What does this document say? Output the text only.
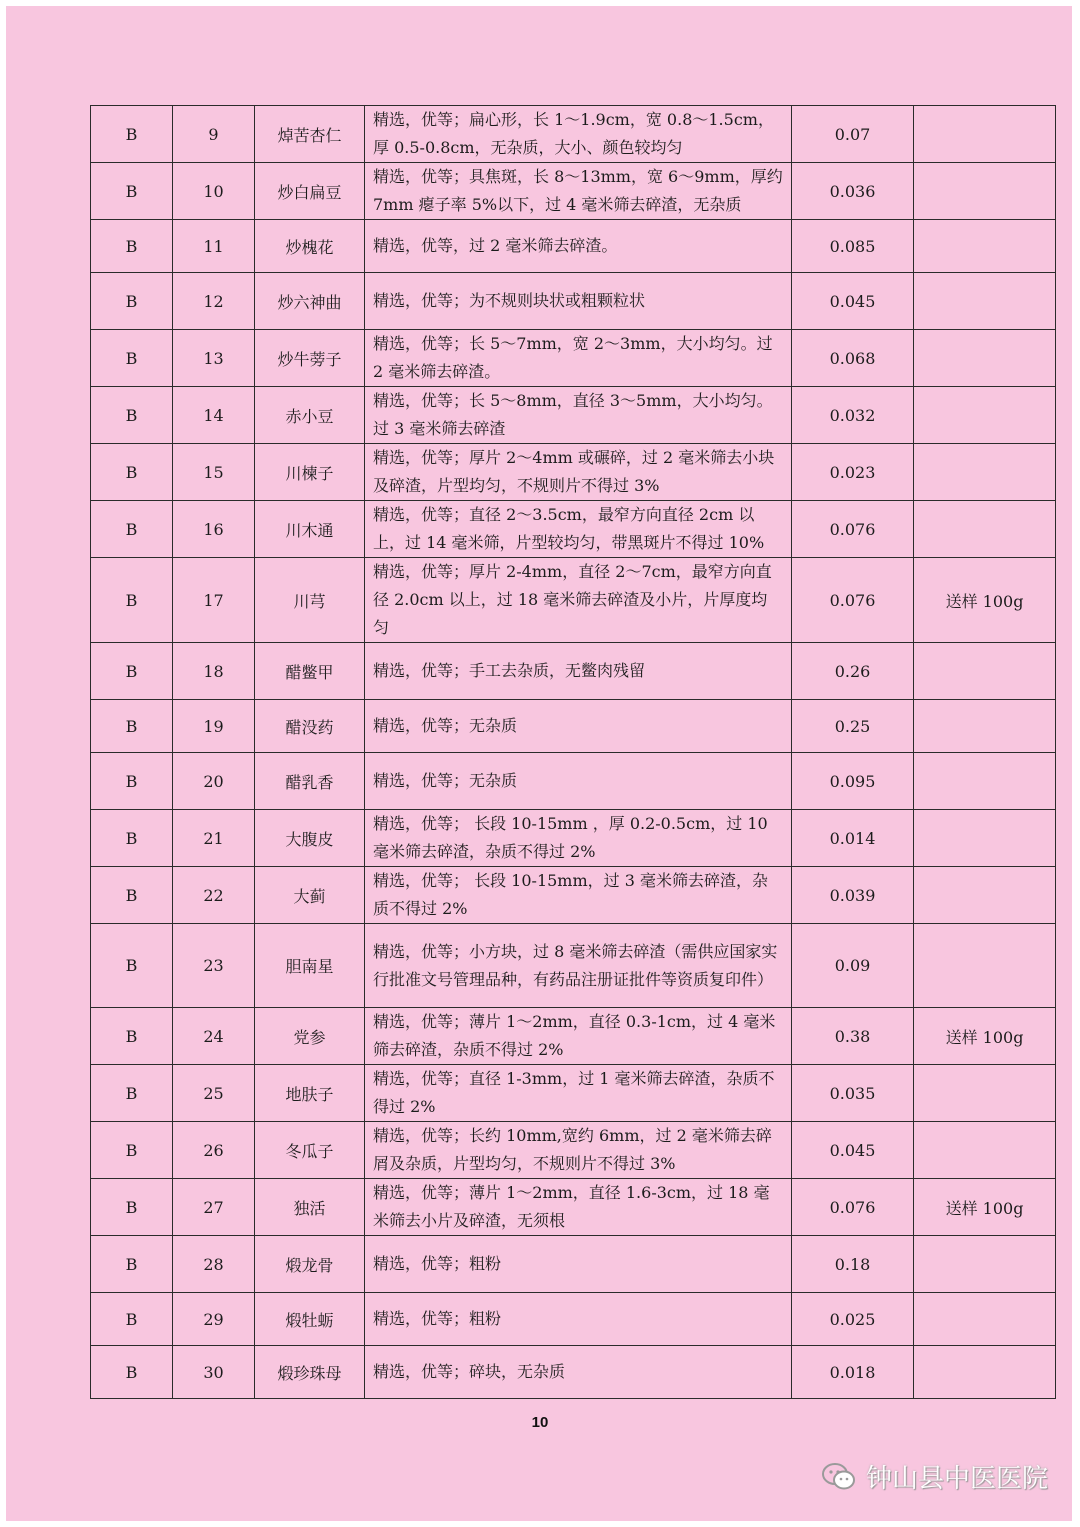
B	9	焯苦杏仁	精选，优等；扁心形，长 1～1.9cm，宽 0.8～1.5cm，厚 0.5-0.8cm，无杂质，大小、颜色较均匀	0.07	
B	10	炒白扁豆	精选，优等；具焦斑，长 8～13mm，宽 6～9mm，厚约 7mm 瘪子率 5%以下，过 4 毫米筛去碎渣，无杂质	0.036	
B	11	炒槐花	精选，优等，过 2 毫米筛去碎渣。	0.085	
B	12	炒六神曲	精选，优等；为不规则块状或粗颗粒状	0.045	
B	13	炒牛蒡子	精选，优等；长 5～7mm，宽 2～3mm，大小均匀。过 2 毫米筛去碎渣。	0.068	
B	14	赤小豆	精选，优等；长 5～8mm，直径 3～5mm，大小均匀。过 3 毫米筛去碎渣	0.032	
B	15	川楝子	精选，优等；厚片 2～4mm 或碾碎，过 2 毫米筛去小块及碎渣，片型均匀，不规则片不得过 3%	0.023	
B	16	川木通	精选，优等；直径 2～3.5cm，最窄方向直径 2cm 以上，过 14 毫米筛，片型较均匀，带黑斑片不得过 10%	0.076	
B	17	川芎	精选，优等；厚片 2-4mm，直径 2～7cm，最窄方向直径 2.0cm 以上，过 18 毫米筛去碎渣及小片，片厚度均匀	0.076	送样 100g
B	18	醋鳖甲	精选，优等；手工去杂质，无鳖肉残留	0.26	
B	19	醋没药	精选，优等；无杂质	0.25	
B	20	醋乳香	精选，优等；无杂质	0.095	
B	21	大腹皮	精选，优等； 长段 10-15mm ，厚 0.2-0.5cm，过 10 毫米筛去碎渣，杂质不得过 2%	0.014	
B	22	大蓟	精选，优等； 长段 10-15mm，过 3 毫米筛去碎渣，杂质不得过 2%	0.039	
B	23	胆南星	精选，优等；小方块，过 8 毫米筛去碎渣（需供应国家实行批准文号管理品种，有药品注册证批件等资质复印件）	0.09	
B	24	党参	精选，优等；薄片 1～2mm，直径 0.3-1cm，过 4 毫米筛去碎渣，杂质不得过 2%	0.38	送样 100g
B	25	地肤子	精选，优等；直径 1-3mm，过 1 毫米筛去碎渣，杂质不得过 2%	0.035	
B	26	冬瓜子	精选，优等；长约 10mm,宽约 6mm，过 2 毫米筛去碎屑及杂质，片型均匀，不规则片不得过 3%	0.045	
B	27	独活	精选，优等；薄片 1～2mm，直径 1.6-3cm，过 18 毫米筛去小片及碎渣，无须根	0.076	送样 100g
B	28	煅龙骨	精选，优等；粗粉	0.18	
B	29	煅牡蛎	精选，优等；粗粉	0.025	
B	30	煅珍珠母	精选，优等；碎块，无杂质	0.018	
10
钟山县中医医院
